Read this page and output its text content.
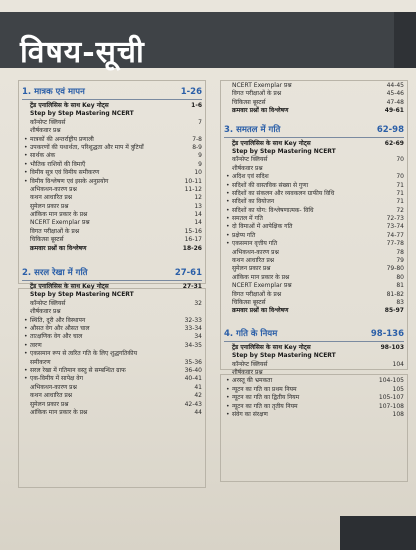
विषय-सूची
1. मात्रक एवं मापन	1-26
ट्रेंड एनालिसिस के साथ Key नोट्स	1-6
Step by Step Mastering NCERT
कॉन्सेप्ट क्लियर्स	7
शीर्षकवार प्रश्न
• मात्रकों की अन्तर्राष्ट्रीय प्रणाली	7-8
• उपकरणों की यथार्थता, परिशुद्धता और माप में त्रुटियाँ	8-9
• सार्थक अंक	9
• भौतिक राशियों की विमाएँ	9
• विमीय सूत्र एवं विमीय समीकरण	10
• विमीय विश्लेषण एवं इसके अनुप्रयोग	10-11
अभिकथन-कारण प्रश्न	11-12
कथन आधारित प्रश्न	12
सुमेलन प्रकार प्रश्न	13
आंकिक मान प्रकार के प्रश्न	14
NCERT Exemplar प्रश्न	14
विगत परीक्षाओं के प्रश्न	15-16
चिकित्सा बूस्टर्स	16-17
क्रमवार प्रश्नों का विश्लेषण	18-26
2. सरल रेखा में गति	27-61
ट्रेंड एनालिसिस के साथ Key नोट्स	27-31
Step by Step Mastering NCERT
कॉन्सेप्ट क्लियर्स	32
शीर्षकवार प्रश्न
• स्थिति, दूरी और विस्थापन	32-33
• औसत वेग और औसत चाल	33-34
• तात्क्षणिक वेग और चाल	34
• त्वरण	34-35
• एकसमान रूप से त्वरित गति के लिए शुद्धगतिकीय
समीकरण	35-36
• सरल रेखा में गतिमान वस्तु से सम्बन्धित ग्राफ	36-40
• एक-विमीय में सापेक्ष वेग	40-41
अभिकथन-कारण प्रश्न	41
कथन आधारित प्रश्न	42
सुमेलन प्रकार प्रश्न	42-43
आंकिक मान प्रकार के प्रश्न	44
NCERT Exemplar प्रश्न	44-45
विगत परीक्षाओं के प्रश्न	45-46
चिकित्सा बूस्टर्स	47-48
क्रमवार प्रश्नों का विश्लेषण	49-61
3. समतल में गति	62-98
ट्रेंड एनालिसिस के साथ Key नोट्स	62-69
Step by Step Mastering NCERT
कॉन्सेप्ट क्लियर्स	70
शीर्षकवार प्रश्न
• अदिश एवं सदिश	70
• सदिशों की वास्तविक संख्या से गुणा	71
• सदिशों का संकलन और व्यवकलन ग्राफीय विधि	71
• सदिशों का वियोजन	71
• सदिशों का योग: विश्लेषणात्मक- विधि	72
• समतल में गति	72-73
• दो विमाओं में आपेक्षिक गति	73-74
• प्रक्षेप्य गति	74-77
• एकसमान वृत्तीय गति	77-78
अभिकथन-कारण प्रश्न	78
कथन आधारित प्रश्न	79
सुमेलन प्रकार प्रश्न	79-80
आंकिक मान प्रकार के प्रश्न	80
NCERT Exemplar प्रश्न	81
विगत परीक्षाओं के प्रश्न	81-82
चिकित्सा बूस्टर्स	83
क्रमवार प्रश्नों का विश्लेषण	85-97
4. गति के नियम	98-136
ट्रेंड एनालिसिस के साथ Key नोट्स	98-103
Step by Step Mastering NCERT
कॉन्सेप्ट क्लियर्स	104
शीर्षकवार प्रश्न
• अरस्तू की भ्रमकता	104-105
• न्यूटन का गति का प्रथम नियम	105
• न्यूटन का गति का द्वितीय नियम	105-107
• न्यूटन का गति का तृतीय नियम	107-108
• संवेग का संरक्षण	108
